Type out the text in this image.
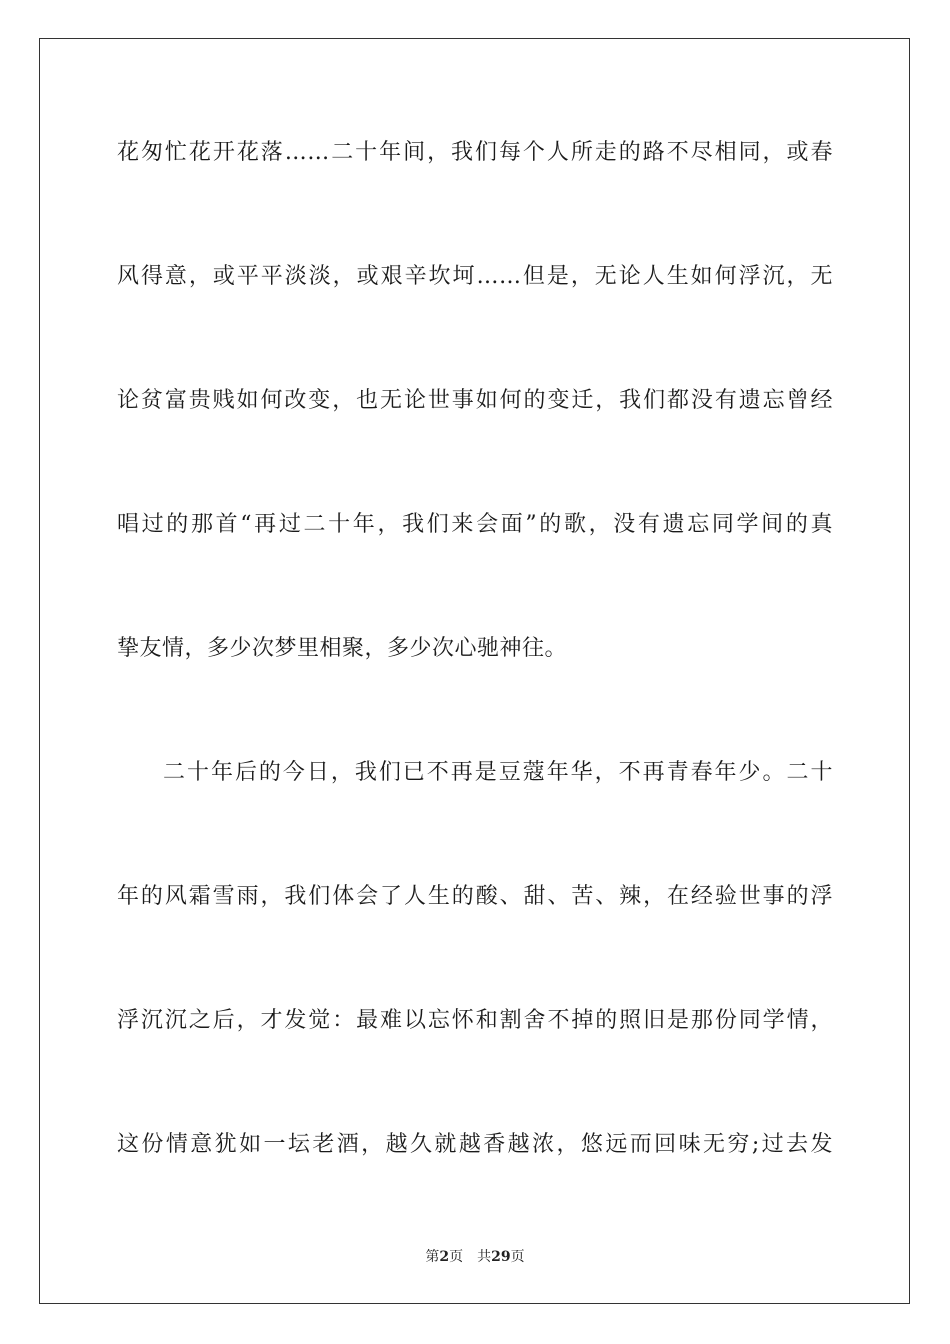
花匆忙花开花落……二十年间，我们每个人所走的路不尽相同，或春
风得意，或平平淡淡，或艰辛坎坷……但是，无论人生如何浮沉，无
论贫富贵贱如何改变，也无论世事如何的变迁，我们都没有遗忘曾经
唱过的那首“再过二十年，我们来会面”的歌，没有遗忘同学间的真
挚友情，多少次梦里相聚，多少次心驰神往。
二十年后的今日，我们已不再是豆蔻年华，不再青春年少。二十
年的风霜雪雨，我们体会了人生的酸、甜、苦、辣，在经验世事的浮
浮沉沉之后，才发觉：最难以忘怀和割舍不掉的照旧是那份同学情，
这份情意犹如一坛老酒，越久就越香越浓，悠远而回味无穷;过去发
第2页 共29页
